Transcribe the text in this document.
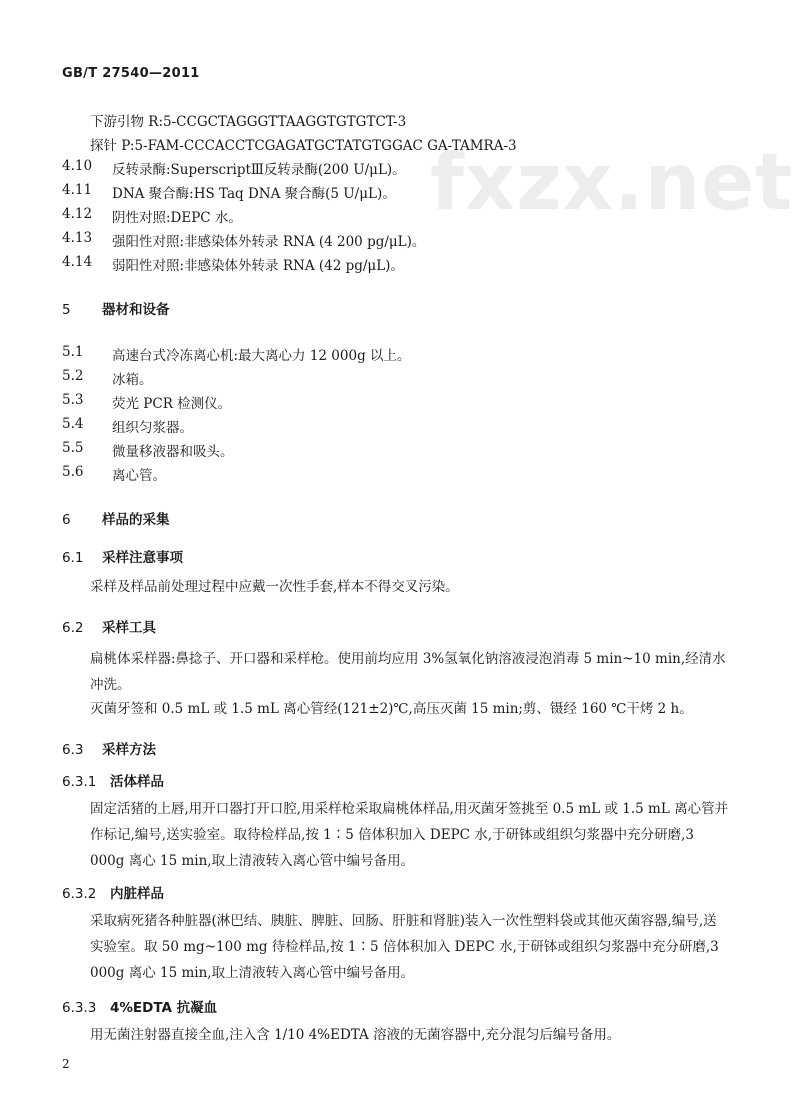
GB/T 27540—2011
fxzx.net
下游引物 R:5-CCGCTAGGGTTAAGGTGTGTCT-3
探针 P:5-FAM-CCCACCTCGAGATGCTATGTGGAC GA-TAMRA-3
4.10 反转录酶:SuperscriptⅢ反转录酶(200 U/μL)。
4.11 DNA 聚合酶:HS Taq DNA 聚合酶(5 U/μL)。
4.12 阴性对照:DEPC 水。
4.13 强阳性对照:非感染体外转录 RNA (4 200 pg/μL)。
4.14 弱阳性对照:非感染体外转录 RNA (42 pg/μL)。
5 器材和设备
5.1 高速台式冷冻离心机:最大离心力 12 000g 以上。
5.2 冰箱。
5.3 荧光 PCR 检测仪。
5.4 组织匀浆器。
5.5 微量移液器和吸头。
5.6 离心管。
6 样品的采集
6.1 采样注意事项
采样及样品前处理过程中应戴一次性手套,样本不得交叉污染。
6.2 采样工具
扁桃体采样器:鼻捻子、开口器和采样枪。使用前均应用 3%氢氧化钠溶液浸泡消毒 5 min~10 min,经清水冲洗。
灭菌牙签和 0.5 mL 或 1.5 mL 离心管经(121±2)℃,高压灭菌 15 min;剪、镊经 160 ℃干烤 2 h。
6.3 采样方法
6.3.1 活体样品
固定活猪的上唇,用开口器打开口腔,用采样枪采取扁桃体样品,用灭菌牙签挑至 0.5 mL 或 1.5 mL 离心管并作标记,编号,送实验室。取待检样品,按 1∶5 倍体积加入 DEPC 水,于研钵或组织匀浆器中充分研磨,3 000g 离心 15 min,取上清液转入离心管中编号备用。
6.3.2 内脏样品
采取病死猪各种脏器(淋巴结、胰脏、脾脏、回肠、肝脏和肾脏)装入一次性塑料袋或其他灭菌容器,编号,送实验室。取 50 mg~100 mg 待检样品,按 1∶5 倍体积加入 DEPC 水,于研钵或组织匀浆器中充分研磨,3 000g 离心 15 min,取上清液转入离心管中编号备用。
6.3.3 4%EDTA 抗凝血
用无菌注射器直接全血,注入含 1/10 4%EDTA 溶液的无菌容器中,充分混匀后编号备用。
2
